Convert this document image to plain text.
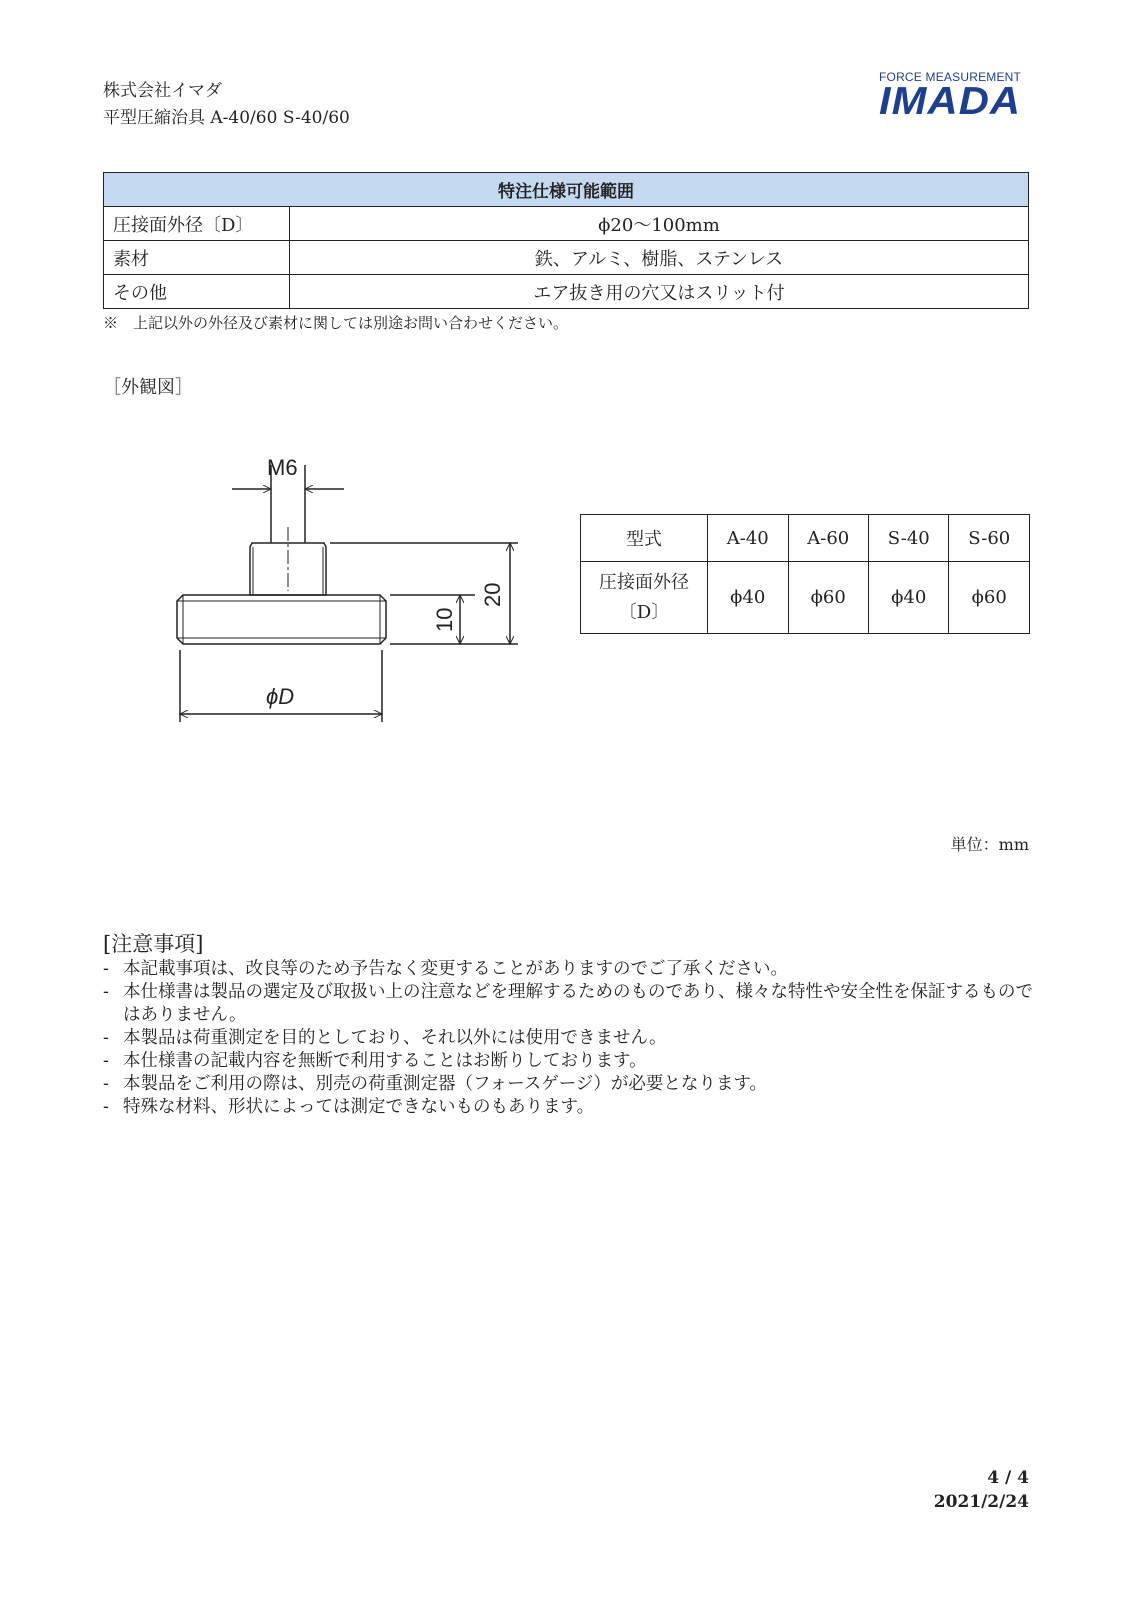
株式会社イマダ
平型圧縮治具 A-40/60 S-40/60
FORCE MEASUREMENT
IMADA
特注仕様可能範囲	
圧接面外径〔D〕	ϕ20〜100mm
素材	鉄、アルミ、樹脂、ステンレス
その他	エア抜き用の穴又はスリット付
※　上記以外の外径及び素材に関しては別途お問い合わせください。
［外観図］
M6
20
10
ϕD
型式	A-40	A-60	S-40	S-60

圧接面外径
〔D〕	ϕ40	ϕ60	ϕ40	ϕ60
単位：mm
[注意事項]
- 本記載事項は、改良等のため予告なく変更することがありますのでご了承ください。
- 本仕様書は製品の選定及び取扱い上の注意などを理解するためのものであり、様々な特性や安全性を保証するものではありません。
- 本製品は荷重測定を目的としており、それ以外には使用できません。
- 本仕様書の記載内容を無断で利用することはお断りしております。
- 本製品をご利用の際は、別売の荷重測定器（フォースゲージ）が必要となります。
- 特殊な材料、形状によっては測定できないものもあります。
4 / 4
2021/2/24
